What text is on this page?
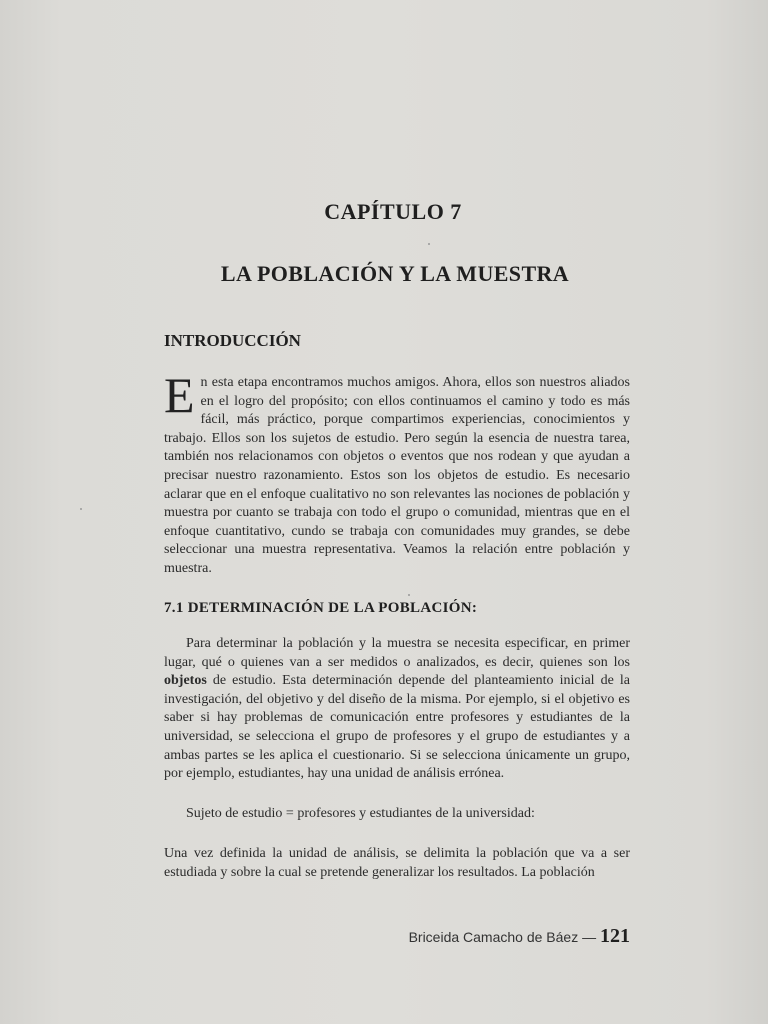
CAPÍTULO 7
LA POBLACIÓN Y LA MUESTRA
INTRODUCCIÓN
En esta etapa encontramos muchos amigos. Ahora, ellos son nuestros aliados en el logro del propósito; con ellos continuamos el camino y todo es más fácil, más práctico, porque compartimos experiencias, conocimientos y trabajo. Ellos son los sujetos de estudio. Pero según la esencia de nuestra tarea, también nos relacionamos con objetos o eventos que nos rodean y que ayudan a precisar nuestro razonamiento. Estos son los objetos de estudio. Es necesario aclarar que en el enfoque cualitativo no son relevantes las nociones de población y muestra por cuanto se trabaja con todo el grupo o comunidad, mientras que en el enfoque cuantitativo, cundo se trabaja con comunidades muy grandes, se debe seleccionar una muestra representativa. Veamos la relación entre población y muestra.
7.1 DETERMINACIÓN DE LA POBLACIÓN:
Para determinar la población y la muestra se necesita especificar, en primer lugar, qué o quienes van a ser medidos o analizados, es decir, quienes son los objetos de estudio. Esta determinación depende del planteamiento inicial de la investigación, del objetivo y del diseño de la misma. Por ejemplo, si el objetivo es saber si hay problemas de comunicación entre profesores y estudiantes de la universidad, se selecciona el grupo de profesores y el grupo de estudiantes y a ambas partes se les aplica el cuestionario. Si se selecciona únicamente un grupo, por ejemplo, estudiantes, hay una unidad de análisis errónea.
Sujeto de estudio = profesores y estudiantes de la universidad:
Una vez definida la unidad de análisis, se delimita la población que va a ser estudiada y sobre la cual se pretende generalizar los resultados. La población
Briceida Camacho de Báez — 121
